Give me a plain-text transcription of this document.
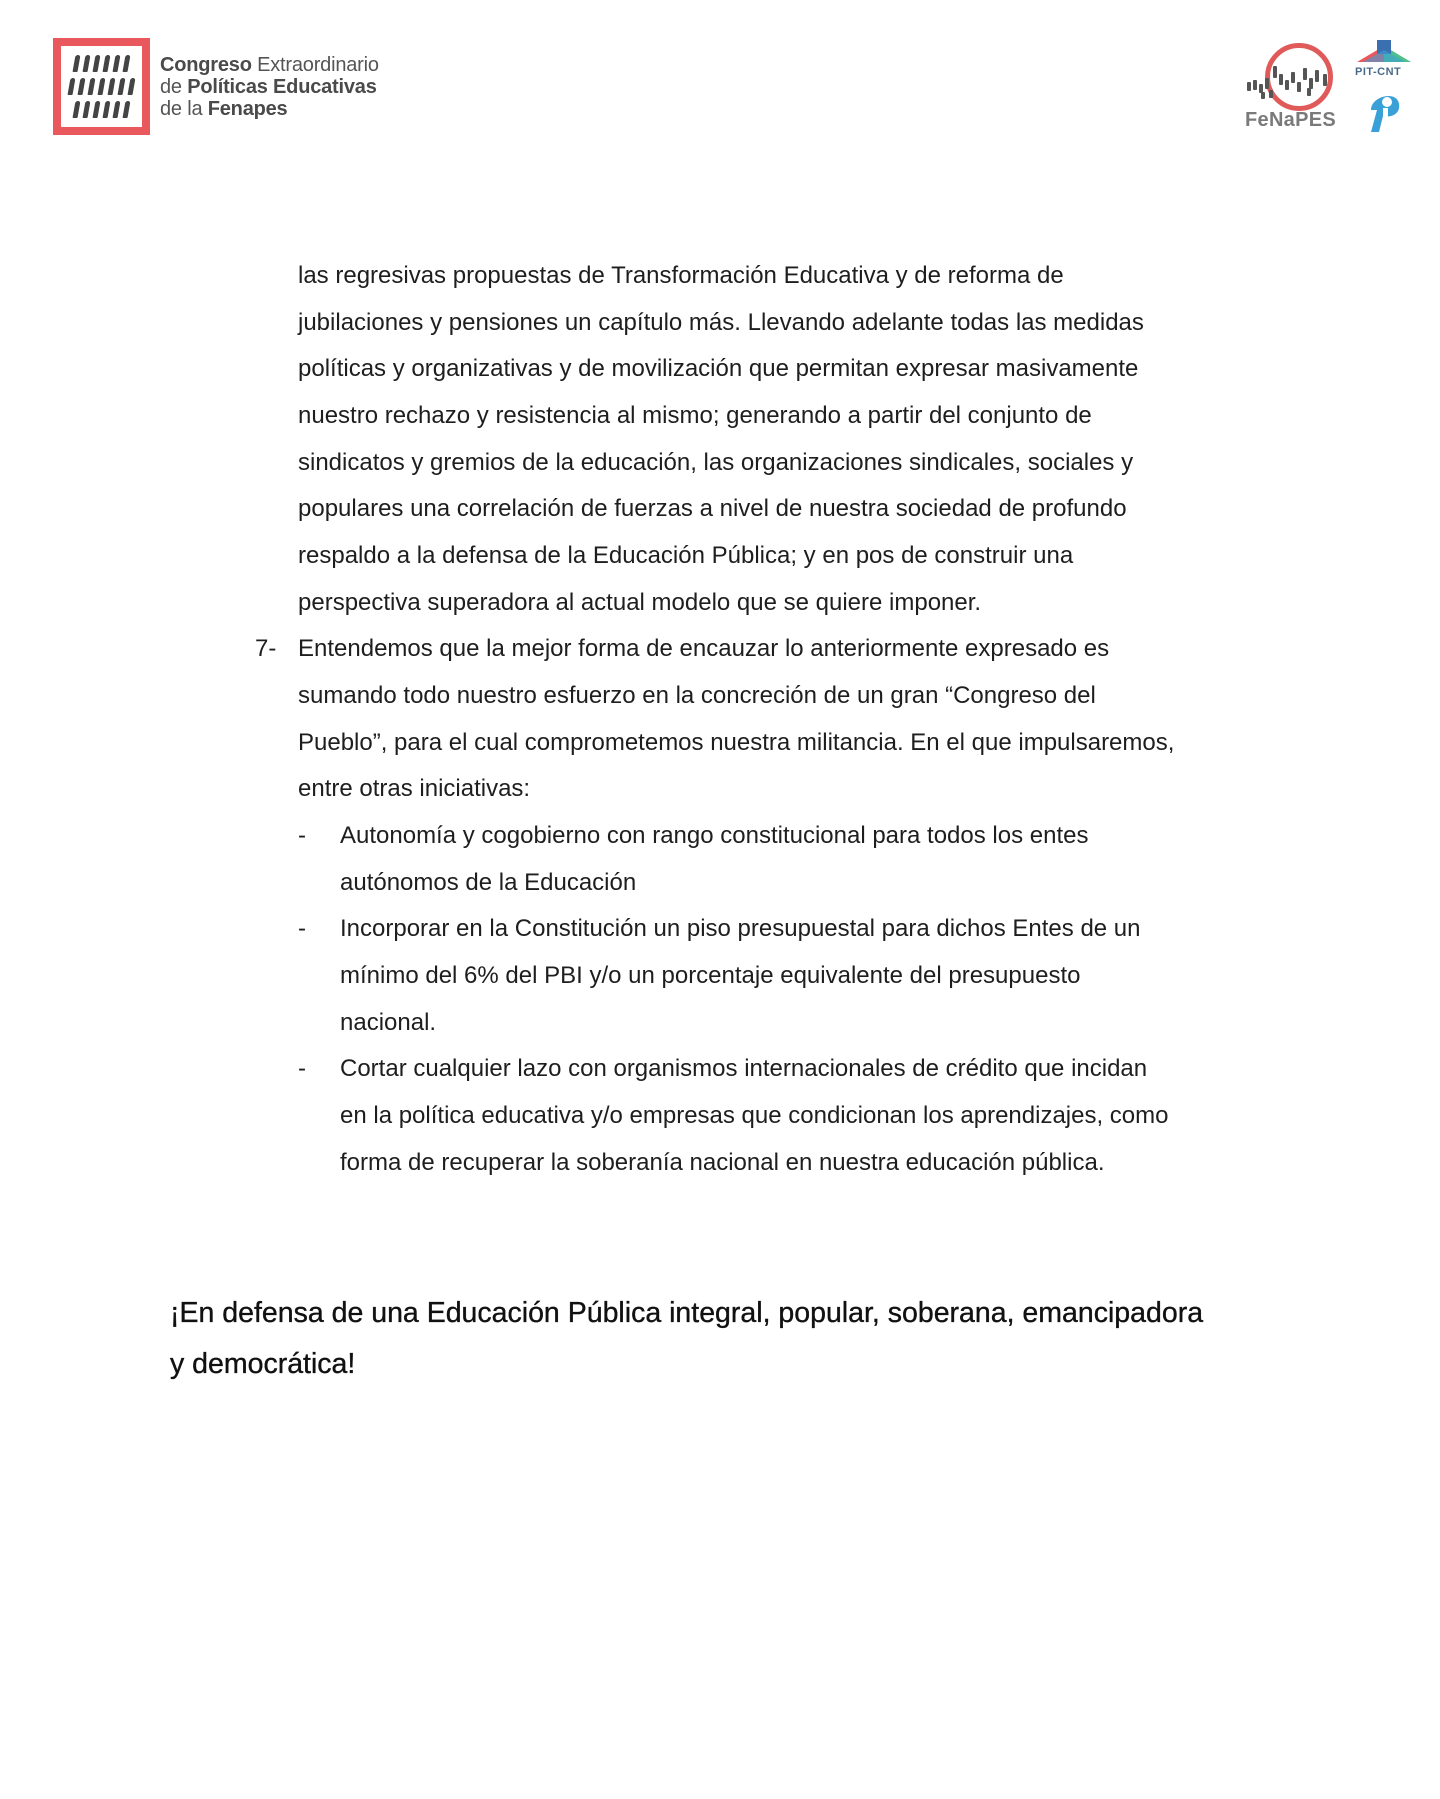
Congreso Extraordinario
de Políticas Educativas
de la Fenapes
FeNaPES
PIT-CNT
las regresivas propuestas de Transformación Educativa y de reforma de
jubilaciones y pensiones un capítulo más. Llevando adelante todas las medidas
políticas y organizativas y de movilización que permitan expresar masivamente
nuestro rechazo y resistencia al mismo; generando a partir del conjunto de
sindicatos y gremios de la educación, las organizaciones sindicales, sociales y
populares una correlación de fuerzas a nivel de nuestra sociedad de profundo
respaldo a la defensa de la Educación Pública; y en pos de construir una
perspectiva superadora al actual modelo que se quiere imponer.
7- Entendemos que la mejor forma de encauzar lo anteriormente expresado es
sumando todo nuestro esfuerzo en la concreción de un gran “Congreso del
Pueblo”, para el cual comprometemos nuestra militancia. En el que impulsaremos,
entre otras iniciativas:
- Autonomía y cogobierno con rango constitucional para todos los entes
autónomos de la Educación
- Incorporar en la Constitución un piso presupuestal para dichos Entes de un
mínimo del 6% del PBI y/o un porcentaje equivalente del presupuesto
nacional.
- Cortar cualquier lazo con organismos internacionales de crédito que incidan
en la política educativa y/o empresas que condicionan los aprendizajes, como
forma de recuperar la soberanía nacional en nuestra educación pública.
¡En defensa de una Educación Pública integral, popular, soberana, emancipadora
y democrática!
